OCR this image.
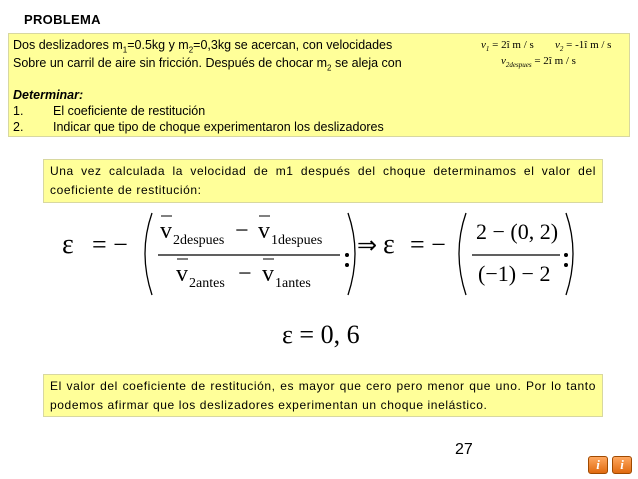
PROBLEMA
Dos deslizadores $m_1=0.5kg$ y $m_2=0,3kg$ se acercan, con velocidades
Sobre un carril de aire sin fricción. Después de chocar $m_2$ se aleja con
$v_1$ = 2î m / s $v_2$ = -1î m / s
$v_{2despues}$ = 2î m / s
Determinar:
1. El coeficiente de restitución
2. Indicar que tipo de choque experimentaron los deslizadores
Una vez calculada la velocidad de m1 después del choque determinamos el valor del coeficiente de restitución:
ε = − v 2despues − v 1despues
v 2antes − v 1antes
⇒ ε = − 2 − (0, 2)
(−1) − 2
ε = 0, 6
El valor del coeficiente de restitución, es mayor que cero pero menor que uno. Por lo tanto podemos afirmar que los deslizadores experimentan un choque inelástico.
27
i	i
